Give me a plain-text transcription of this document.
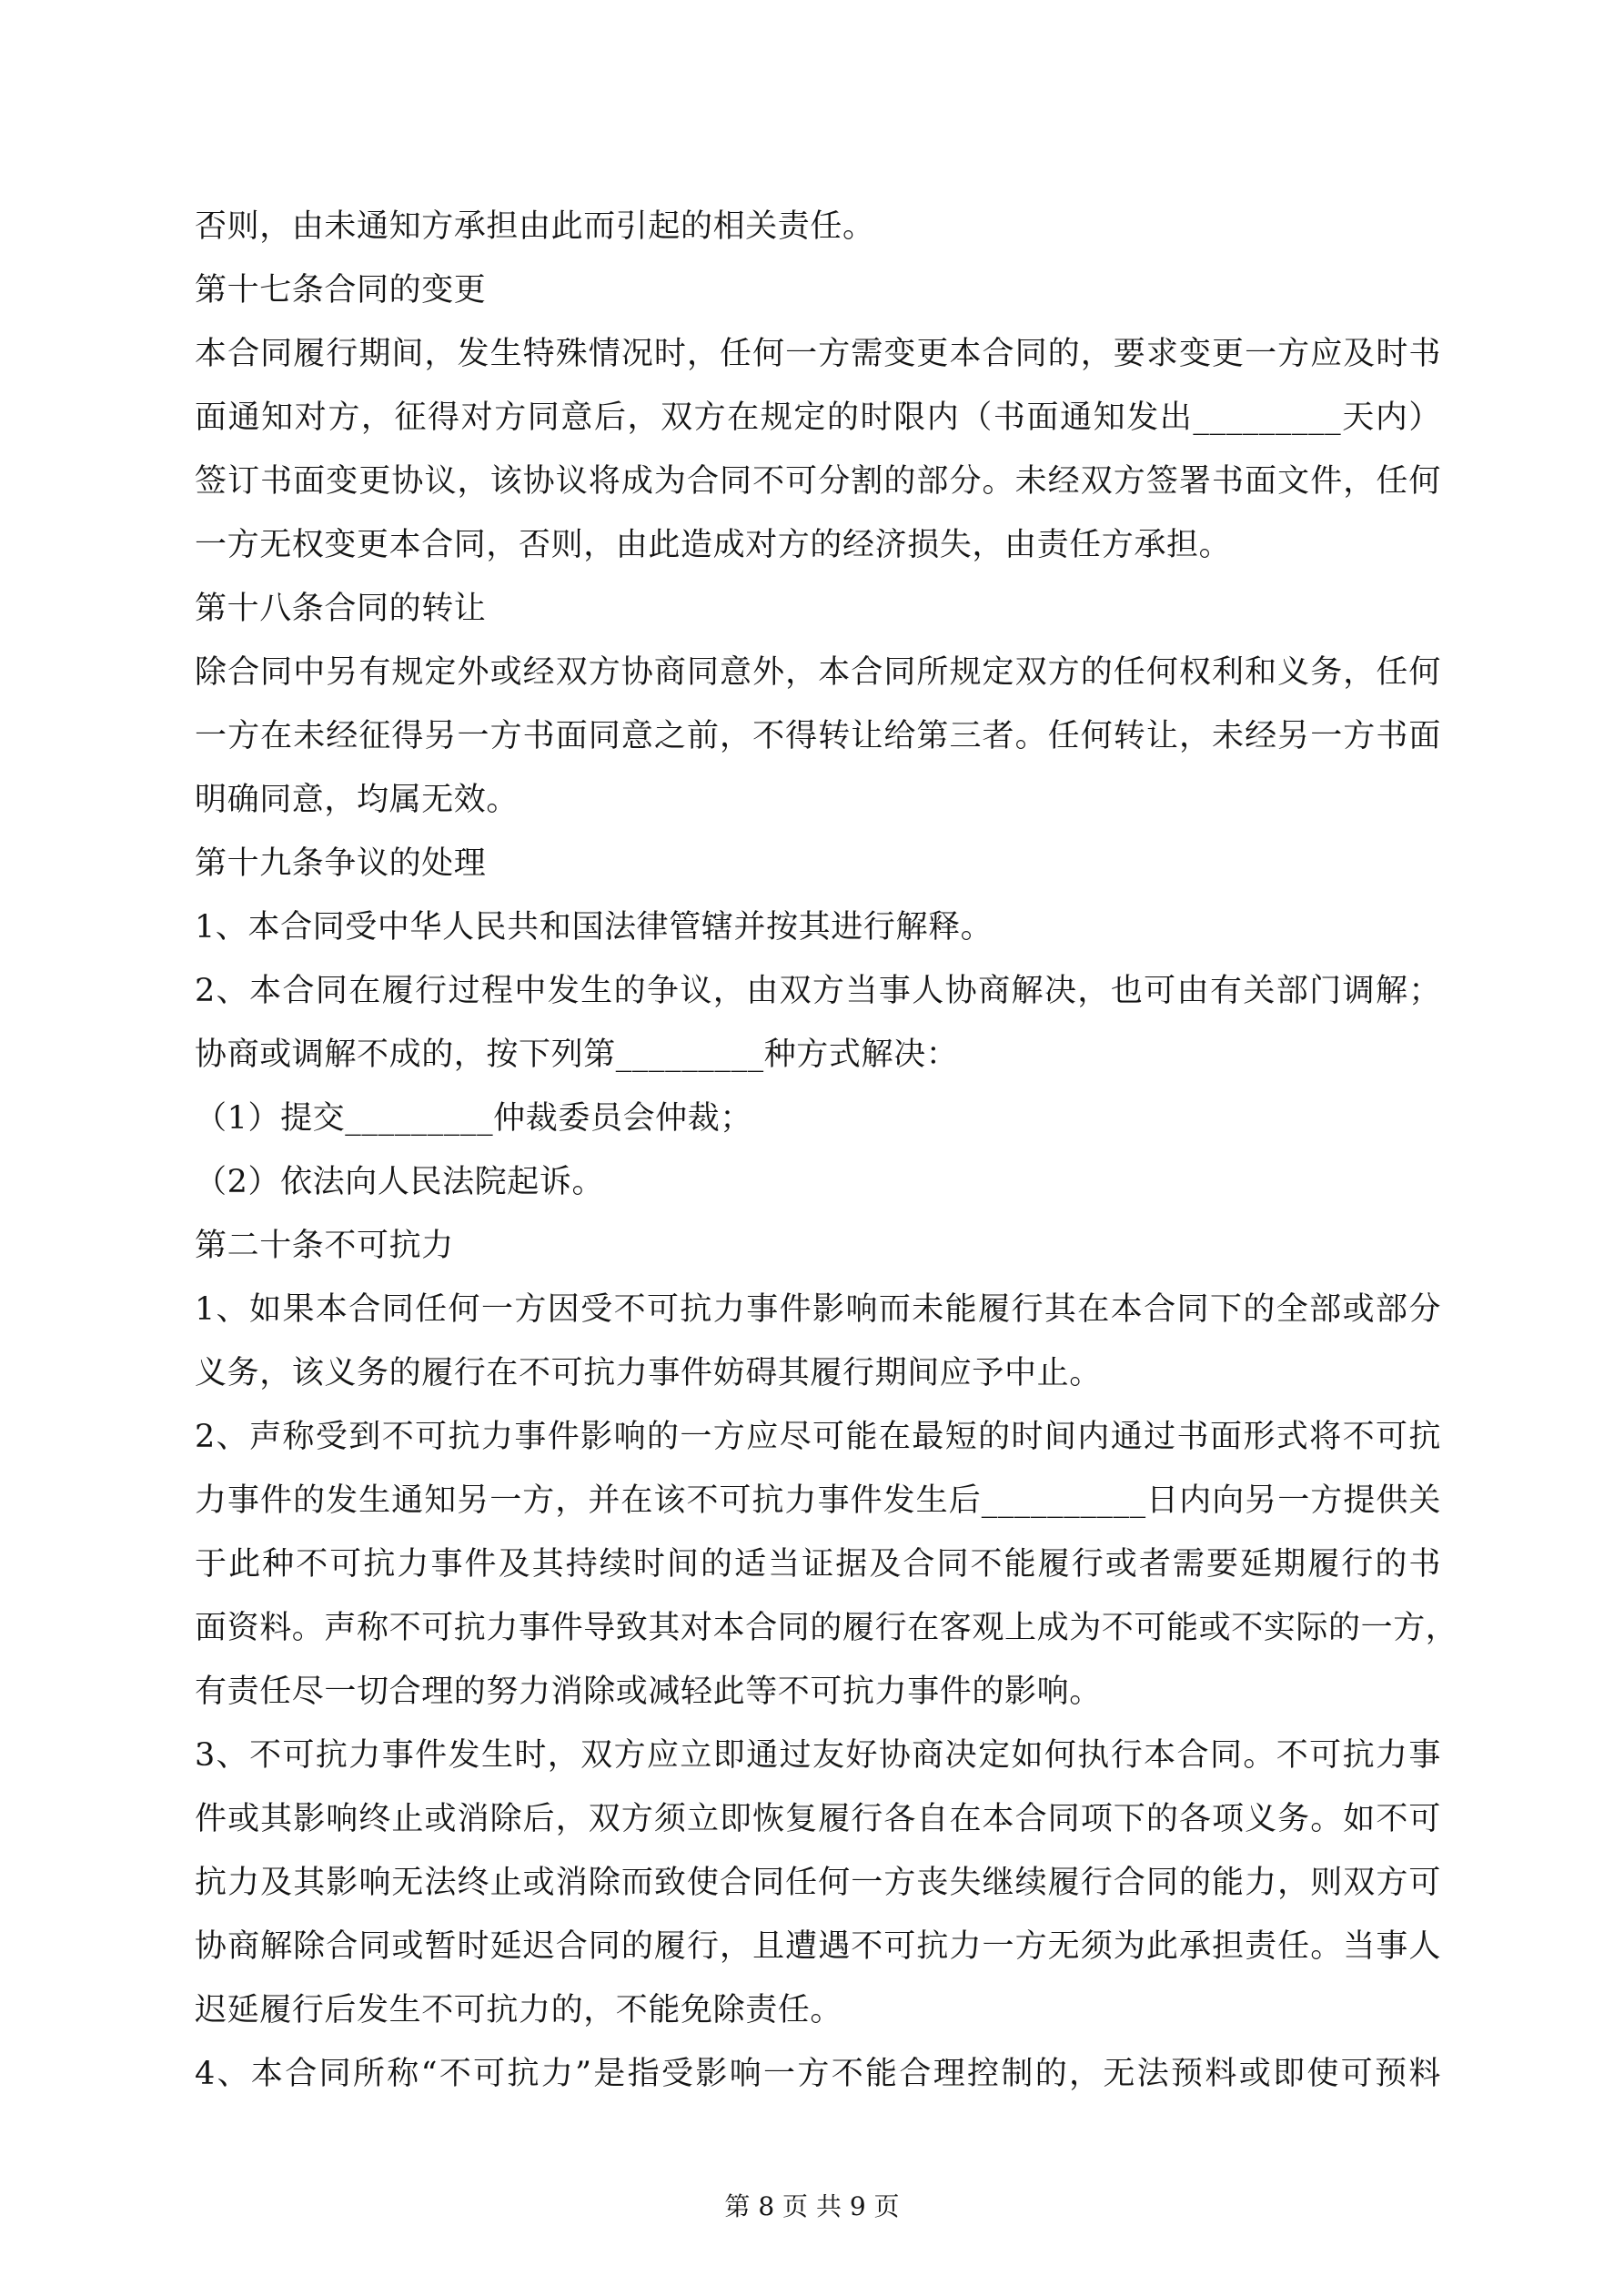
否则，由未通知方承担由此而引起的相关责任。
第十七条合同的变更
本合同履行期间，发生特殊情况时，任何一方需变更本合同的，要求变更一方应及时书
面通知对方，征得对方同意后，双方在规定的时限内（书面通知发出_________天内）
签订书面变更协议，该协议将成为合同不可分割的部分。未经双方签署书面文件，任何
一方无权变更本合同，否则，由此造成对方的经济损失，由责任方承担。
第十八条合同的转让
除合同中另有规定外或经双方协商同意外，本合同所规定双方的任何权利和义务，任何
一方在未经征得另一方书面同意之前，不得转让给第三者。任何转让，未经另一方书面
明确同意，均属无效。
第十九条争议的处理
1、本合同受中华人民共和国法律管辖并按其进行解释。
2、本合同在履行过程中发生的争议，由双方当事人协商解决，也可由有关部门调解；
协商或调解不成的，按下列第_________种方式解决：
（1）提交_________仲裁委员会仲裁；
（2）依法向人民法院起诉。
第二十条不可抗力
1、如果本合同任何一方因受不可抗力事件影响而未能履行其在本合同下的全部或部分
义务，该义务的履行在不可抗力事件妨碍其履行期间应予中止。
2、声称受到不可抗力事件影响的一方应尽可能在最短的时间内通过书面形式将不可抗
力事件的发生通知另一方，并在该不可抗力事件发生后__________日内向另一方提供关
于此种不可抗力事件及其持续时间的适当证据及合同不能履行或者需要延期履行的书
面资料。声称不可抗力事件导致其对本合同的履行在客观上成为不可能或不实际的一方，
有责任尽一切合理的努力消除或减轻此等不可抗力事件的影响。
3、不可抗力事件发生时，双方应立即通过友好协商决定如何执行本合同。不可抗力事
件或其影响终止或消除后，双方须立即恢复履行各自在本合同项下的各项义务。如不可
抗力及其影响无法终止或消除而致使合同任何一方丧失继续履行合同的能力，则双方可
协商解除合同或暂时延迟合同的履行，且遭遇不可抗力一方无须为此承担责任。当事人
迟延履行后发生不可抗力的，不能免除责任。
4、本合同所称“不可抗力”是指受影响一方不能合理控制的，无法预料或即使可预料
第 8 页 共 9 页
